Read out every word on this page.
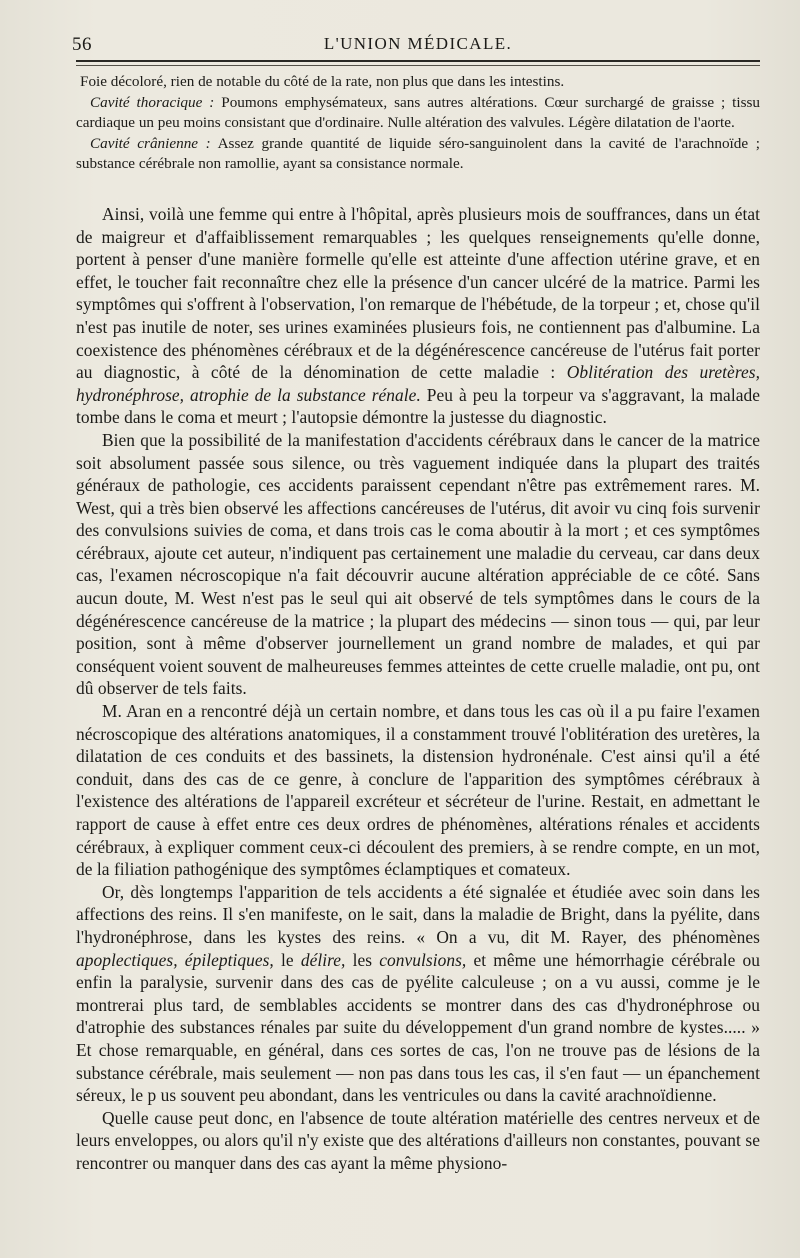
56	L'UNION MÉDICALE.

Foie décoloré, rien de notable du côté de la rate, non plus que dans les intestins.

Cavité thoracique : Poumons emphysémateux, sans autres altérations. Cœur surchargé de graisse ; tissu cardiaque un peu moins consistant que d'ordinaire. Nulle altération des valvules. Légère dilatation de l'aorte.

Cavité crânienne : Assez grande quantité de liquide séro-sanguinolent dans la cavité de l'arachnoïde ; substance cérébrale non ramollie, ayant sa consistance normale.

Ainsi, voilà une femme qui entre à l'hôpital, après plusieurs mois de souffrances, dans un état de maigreur et d'affaiblissement remarquables ; les quelques renseignements qu'elle donne, portent à penser d'une manière formelle qu'elle est atteinte d'une affection utérine grave, et en effet, le toucher fait reconnaître chez elle la présence d'un cancer ulcéré de la matrice. Parmi les symptômes qui s'offrent à l'observation, l'on remarque de l'hébétude, de la torpeur ; et, chose qu'il n'est pas inutile de noter, ses urines examinées plusieurs fois, ne contiennent pas d'albumine. La coexistence des phénomènes cérébraux et de la dégénérescence cancéreuse de l'utérus fait porter au diagnostic, à côté de la dénomination de cette maladie : Oblitération des uretères, hydronéphrose, atrophie de la substance rénale. Peu à peu la torpeur va s'aggravant, la malade tombe dans le coma et meurt ; l'autopsie démontre la justesse du diagnostic.

Bien que la possibilité de la manifestation d'accidents cérébraux dans le cancer de la matrice soit absolument passée sous silence, ou très vaguement indiquée dans la plupart des traités généraux de pathologie, ces accidents paraissent cependant n'être pas extrêmement rares. M. West, qui a très bien observé les affections cancéreuses de l'utérus, dit avoir vu cinq fois survenir des convulsions suivies de coma, et dans trois cas le coma aboutir à la mort ; et ces symptômes cérébraux, ajoute cet auteur, n'indiquent pas certainement une maladie du cerveau, car dans deux cas, l'examen nécroscopique n'a fait découvrir aucune altération appréciable de ce côté. Sans aucun doute, M. West n'est pas le seul qui ait observé de tels symptômes dans le cours de la dégénérescence cancéreuse de la matrice ; la plupart des médecins — sinon tous — qui, par leur position, sont à même d'observer journellement un grand nombre de malades, et qui par conséquent voient souvent de malheureuses femmes atteintes de cette cruelle maladie, ont pu, ont dû observer de tels faits.

M. Aran en a rencontré déjà un certain nombre, et dans tous les cas où il a pu faire l'examen nécroscopique des altérations anatomiques, il a constamment trouvé l'oblitération des uretères, la dilatation de ces conduits et des bassinets, la distension hydronénale. C'est ainsi qu'il a été conduit, dans des cas de ce genre, à conclure de l'apparition des symptômes cérébraux à l'existence des altérations de l'appareil excréteur et sécréteur de l'urine. Restait, en admettant le rapport de cause à effet entre ces deux ordres de phénomènes, altérations rénales et accidents cérébraux, à expliquer comment ceux-ci découlent des premiers, à se rendre compte, en un mot, de la filiation pathogénique des symptômes éclamptiques et comateux.

Or, dès longtemps l'apparition de tels accidents a été signalée et étudiée avec soin dans les affections des reins. Il s'en manifeste, on le sait, dans la maladie de Bright, dans la pyélite, dans l'hydronéphrose, dans les kystes des reins. « On a vu, dit M. Rayer, des phénomènes apoplectiques, épileptiques, le délire, les convulsions, et même une hémorrhagie cérébrale ou enfin la paralysie, survenir dans des cas de pyélite calculeuse ; on a vu aussi, comme je le montrerai plus tard, de semblables accidents se montrer dans des cas d'hydronéphrose ou d'atrophie des substances rénales par suite du développement d'un grand nombre de kystes..... » Et chose remarquable, en général, dans ces sortes de cas, l'on ne trouve pas de lésions de la substance cérébrale, mais seulement — non pas dans tous les cas, il s'en faut — un épanchement séreux, le p us souvent peu abondant, dans les ventricules ou dans la cavité arachnoïdienne.

Quelle cause peut donc, en l'absence de toute altération matérielle des centres nerveux et de leurs enveloppes, ou alors qu'il n'y existe que des altérations d'ailleurs non constantes, pouvant se rencontrer ou manquer dans des cas ayant la même physiono-
